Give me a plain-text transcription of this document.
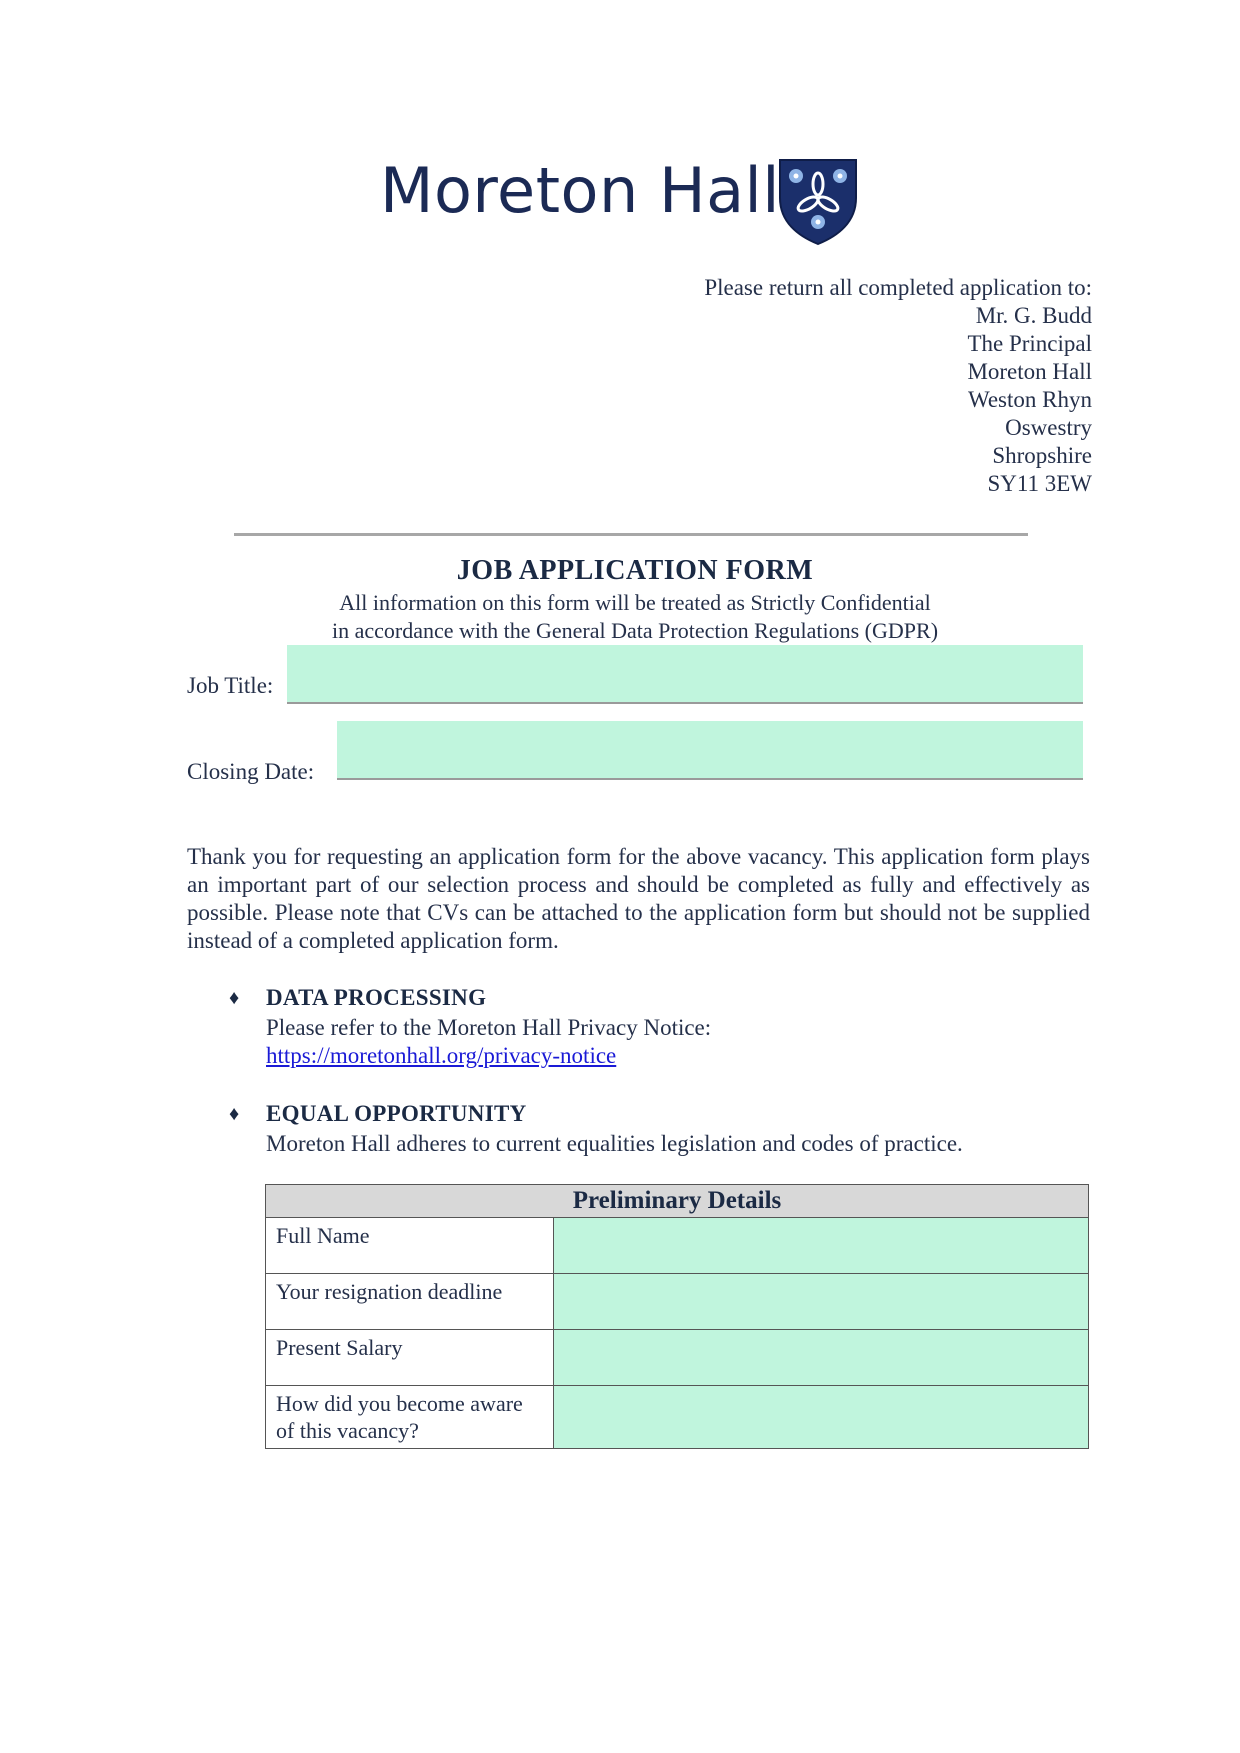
Moreton Hall
Please return all completed application to:
Mr. G. Budd
The Principal
Moreton Hall
Weston Rhyn
Oswestry
Shropshire
SY11 3EW
JOB APPLICATION FORM
All information on this form will be treated as Strictly Confidential
in accordance with the General Data Protection Regulations (GDPR)
Job Title:
Closing Date:
Thank you for requesting an application form for the above vacancy. This application form plays an important part of our selection process and should be completed as fully and effectively as possible. Please note that CVs can be attached to the application form but should not be supplied instead of a completed application form.
♦ DATA PROCESSING
Please refer to the Moreton Hall Privacy Notice:
https://moretonhall.org/privacy-notice
♦ EQUAL OPPORTUNITY
Moreton Hall adheres to current equalities legislation and codes of practice.
Preliminary Details	
Full Name	
Your resignation deadline	
Present Salary	
How did you become aware of this vacancy?	
